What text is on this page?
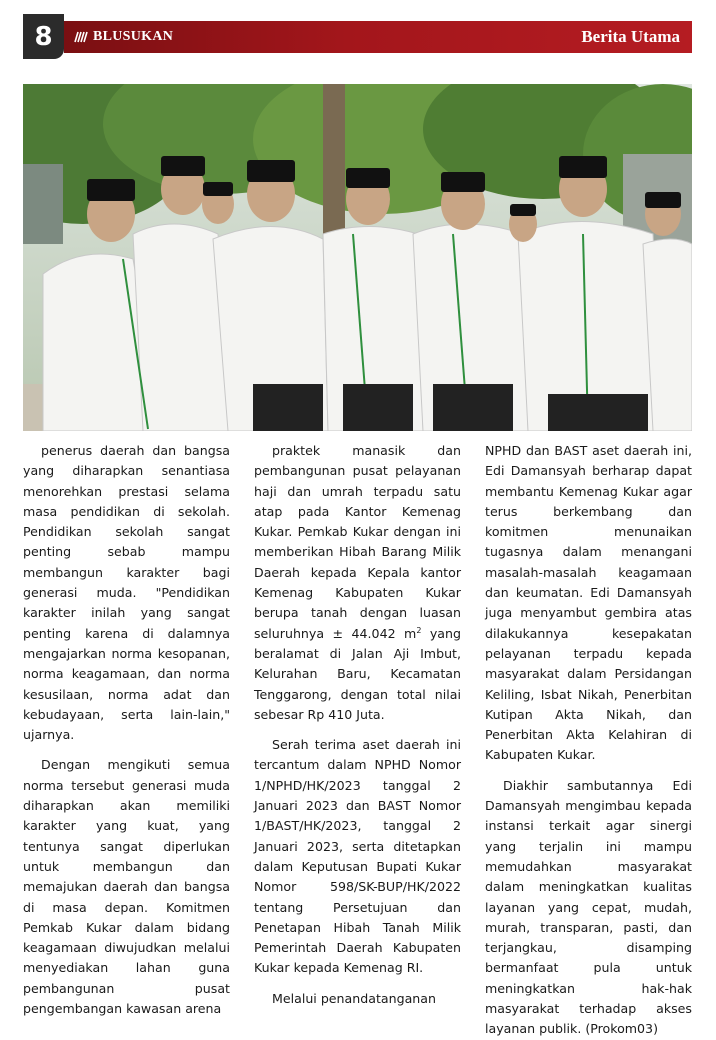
8	BLUSUKAN	Berita Utama

penerus daerah dan bangsa yang diharapkan senantiasa menorehkan prestasi selama masa pendidikan di sekolah. Pendidikan sekolah sangat penting sebab mampu membangun karakter bagi generasi muda. "Pendidikan karakter inilah yang sangat penting karena di dalamnya mengajarkan norma kesopanan, norma keagamaan, dan norma kesusilaan, norma adat dan kebudayaan, serta lain-lain," ujarnya.

Dengan mengikuti semua norma tersebut generasi muda diharapkan akan memiliki karakter yang kuat, yang tentunya sangat diperlukan untuk membangun dan memajukan daerah dan bangsa di masa depan. Komitmen Pemkab Kukar dalam bidang keagamaan diwujudkan melalui menyediakan lahan guna pembangunan pusat pengembangan kawasan arena

praktek manasik dan pembangunan pusat pelayanan haji dan umrah terpadu satu atap pada Kantor Kemenag Kukar. Pemkab Kukar dengan ini memberikan Hibah Barang Milik Daerah kepada Kepala kantor Kemenag Kabupaten Kukar berupa tanah dengan luasan seluruhnya ± 44.042 $m^2$ yang beralamat di Jalan Aji Imbut, Kelurahan Baru, Kecamatan Tenggarong, dengan total nilai sebesar Rp 410 Juta.

Serah terima aset daerah ini tercantum dalam NPHD Nomor 1/NPHD/HK/2023 tanggal 2 Januari 2023 dan BAST Nomor 1/BAST/HK/2023, tanggal 2 Januari 2023, serta ditetapkan dalam Keputusan Bupati Kukar Nomor 598/SK-BUP/HK/2022 tentang Persetujuan dan Penetapan Hibah Tanah Milik Pemerintah Daerah Kabupaten Kukar kepada Kemenag RI.

Melalui penandatanganan

NPHD dan BAST aset daerah ini, Edi Damansyah berharap dapat membantu Kemenag Kukar agar terus berkembang dan komitmen menunaikan tugasnya dalam menangani masalah-masalah keagamaan dan keumatan. Edi Damansyah juga menyambut gembira atas dilakukannya kesepakatan pelayanan terpadu kepada masyarakat dalam Persidangan Keliling, Isbat Nikah, Penerbitan Kutipan Akta Nikah, dan Penerbitan Akta Kelahiran di Kabupaten Kukar.

Diakhir sambutannya Edi Damansyah mengimbau kepada instansi terkait agar sinergi yang terjalin ini mampu memudahkan masyarakat dalam meningkatkan kualitas layanan yang cepat, mudah, murah, transparan, pasti, dan terjangkau, disamping bermanfaat pula untuk meningkatkan hak-hak masyarakat terhadap akses layanan publik. (Prokom03)
